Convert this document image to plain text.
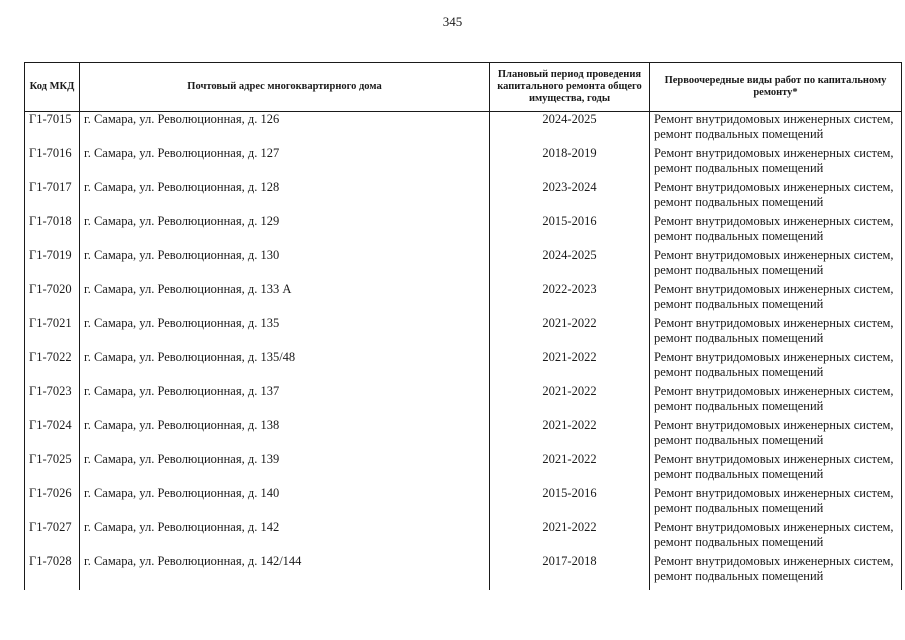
345
Код МКД	Почтовый адрес многоквартирного дома	Плановый период проведения капитального ремонта общего имущества, годы	Первоочередные виды работ по капитальному ремонту*
Г1-7015	г. Самара, ул. Революционная, д. 126	2024-2025	Ремонт внутридомовых инженерных систем,
ремонт подвальных помещений

Г1-7016	г. Самара, ул. Революционная, д. 127	2018-2019	Ремонт внутридомовых инженерных систем,
ремонт подвальных помещений

Г1-7017	г. Самара, ул. Революционная, д. 128	2023-2024	Ремонт внутридомовых инженерных систем,
ремонт подвальных помещений

Г1-7018	г. Самара, ул. Революционная, д. 129	2015-2016	Ремонт внутридомовых инженерных систем,
ремонт подвальных помещений

Г1-7019	г. Самара, ул. Революционная, д. 130	2024-2025	Ремонт внутридомовых инженерных систем,
ремонт подвальных помещений

Г1-7020	г. Самара, ул. Революционная, д. 133 А	2022-2023	Ремонт внутридомовых инженерных систем,
ремонт подвальных помещений

Г1-7021	г. Самара, ул. Революционная, д. 135	2021-2022	Ремонт внутридомовых инженерных систем,
ремонт подвальных помещений

Г1-7022	г. Самара, ул. Революционная, д. 135/48	2021-2022	Ремонт внутридомовых инженерных систем,
ремонт подвальных помещений

Г1-7023	г. Самара, ул. Революционная, д. 137	2021-2022	Ремонт внутридомовых инженерных систем,
ремонт подвальных помещений

Г1-7024	г. Самара, ул. Революционная, д. 138	2021-2022	Ремонт внутридомовых инженерных систем,
ремонт подвальных помещений

Г1-7025	г. Самара, ул. Революционная, д. 139	2021-2022	Ремонт внутридомовых инженерных систем,
ремонт подвальных помещений

Г1-7026	г. Самара, ул. Революционная, д. 140	2015-2016	Ремонт внутридомовых инженерных систем,
ремонт подвальных помещений

Г1-7027	г. Самара, ул. Революционная, д. 142	2021-2022	Ремонт внутридомовых инженерных систем,
ремонт подвальных помещений

Г1-7028	г. Самара, ул. Революционная, д. 142/144	2017-2018	Ремонт внутридомовых инженерных систем,
ремонт подвальных помещений
